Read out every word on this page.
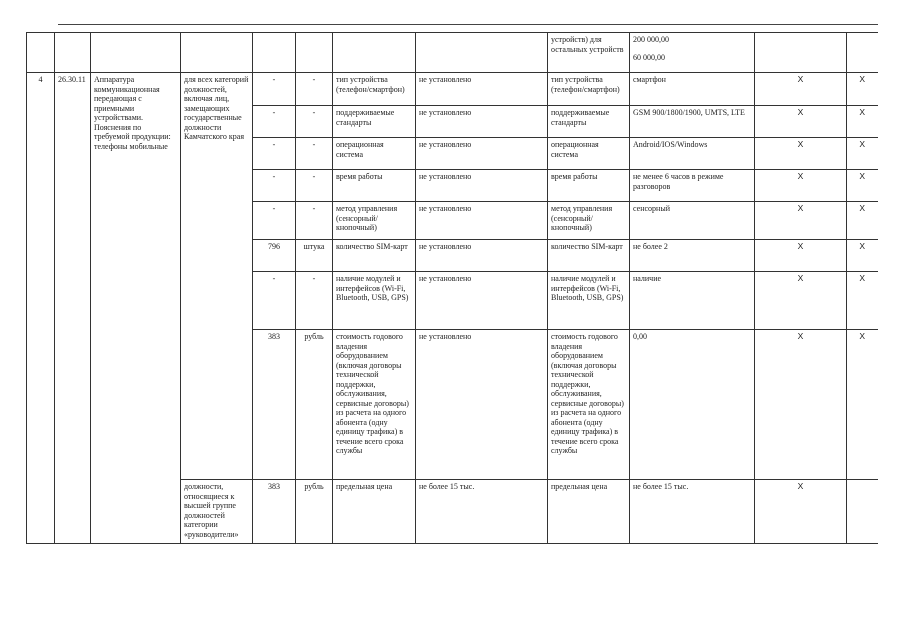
								устройств) для остальных устройств	200 000,00
60 000,00		

4	26.30.11	Аппаратура коммуникационная передающая с приемными устройствами. Пояснения по требуемой продукции: телефоны мобильные	для всех категорий должностей, включая лиц, замещающих государственные должности Камчатского края	-	-	тип устройства (телефон/смартфон)	не установлено	тип устройства (телефон/смартфон)	смартфон	Х	Х
				-	-	поддерживаемые стандарты	не установлено	поддерживаемые стандарты	GSM 900/1800/1900, UMTS, LTE	Х	Х
				-	-	операционная система	не установлено	операционная система	Android/IOS/Windows	Х	Х
				-	-	время работы	не установлено	время работы	не менее 6 часов в режиме разговоров	Х	Х
				-	-	метод управления (сенсорный/кнопочный)	не установлено	метод управления (сенсорный/кнопочный)	сенсорный	Х	Х
				796	штука	количество SIM-карт	не установлено	количество SIM-карт	не более 2	Х	Х
				-	-	наличие модулей и интерфейсов (Wi-Fi, Bluetooth, USB, GPS)	не установлено	наличие модулей и интерфейсов (Wi-Fi, Bluetooth, USB, GPS)	наличие	Х	Х
				383	рубль	стоимость годового владения оборудованием (включая договоры технической поддержки, обслуживания, сервисные договоры) из расчета на одного абонента (одну единицу трафика) в течение всего срока службы	не установлено	стоимость годового владения оборудованием (включая договоры технической поддержки, обслуживания, сервисные договоры) из расчета на одного абонента (одну единицу трафика) в течение всего срока службы	0,00	Х	Х
			должности, относящиеся к высшей группе должностей категории «руководители»	383	рубль	предельная цена	не более 15 тыс.	предельная цена	не более 15 тыс.	Х	
